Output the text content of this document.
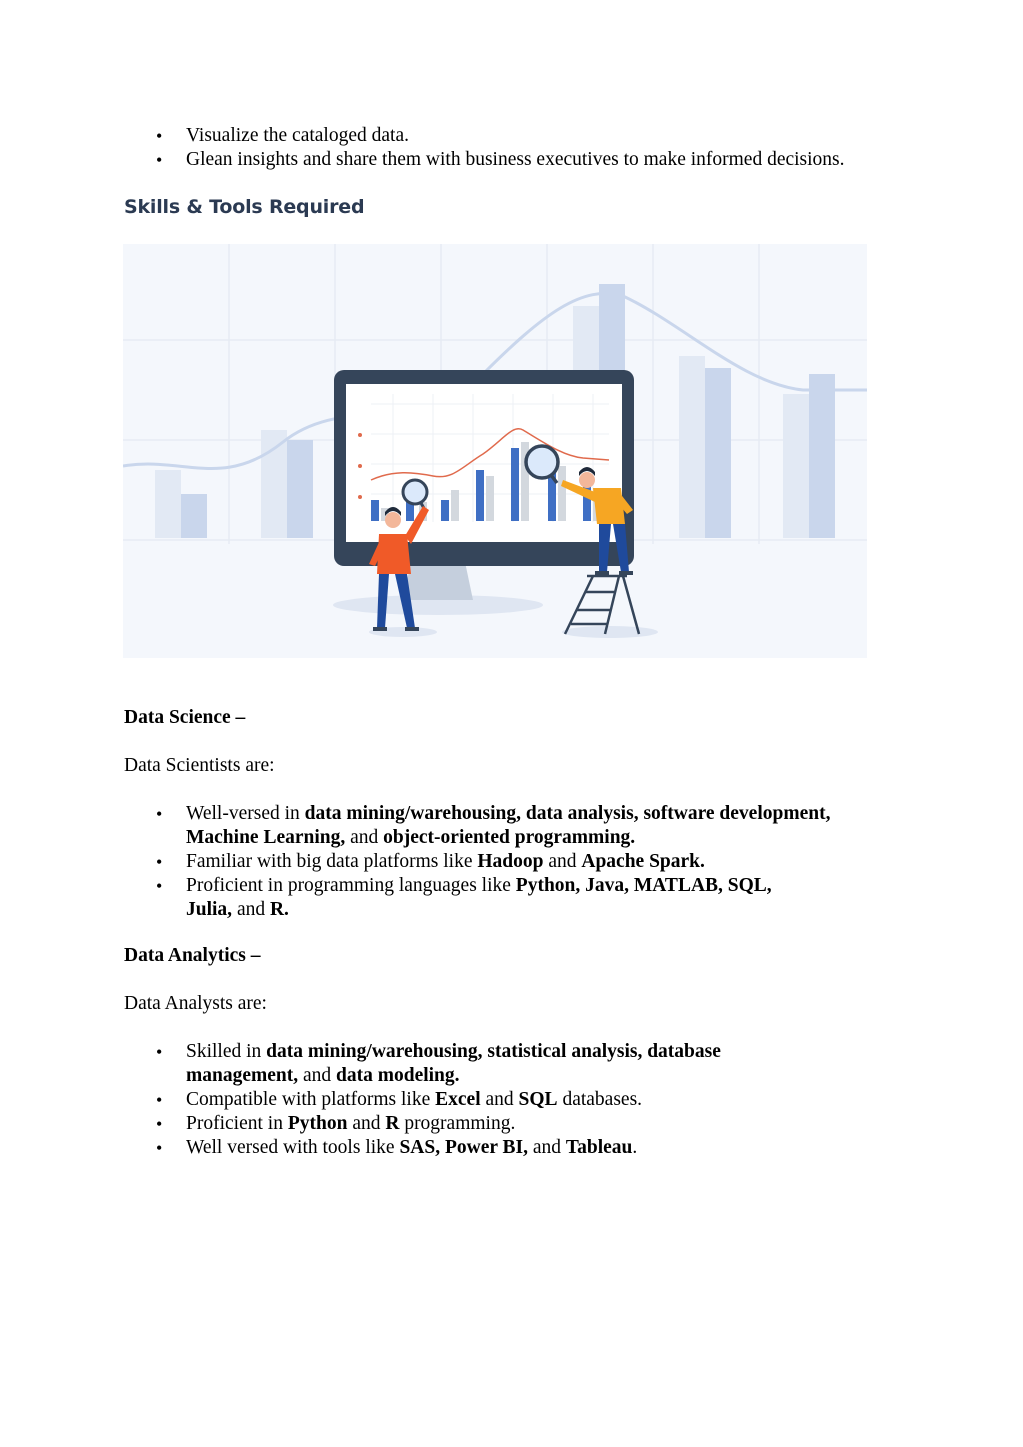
• Visualize the cataloged data.
• Glean insights and share them with business executives to make informed decisions.
Skills & Tools Required
Data Science –

Data Scientists are:

• Well-versed in data mining/warehousing, data analysis, software development, Machine Learning, and object-oriented programming.
• Familiar with big data platforms like Hadoop and Apache Spark.
• Proficient in programming languages like Python, Java, MATLAB, SQL, Julia, and R.
Data Analytics –

Data Analysts are:

• Skilled in data mining/warehousing, statistical analysis, database management, and data modeling.
• Compatible with platforms like Excel and SQL databases.
• Proficient in Python and R programming.
• Well versed with tools like SAS, Power BI, and Tableau.
